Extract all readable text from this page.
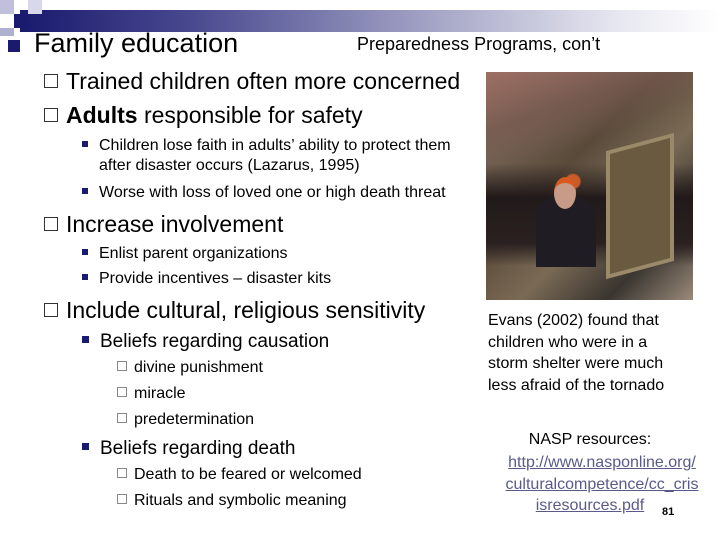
Family education	Preparedness Programs, con’t
Trained children often more concerned
Adults responsible for safety
Children lose faith in adults’ ability to protect them
after disaster occurs (Lazarus, 1995)
Worse with loss of loved one or high death threat
Increase involvement
Enlist parent organizations
Provide incentives – disaster kits
Include cultural, religious sensitivity
Beliefs regarding causation
divine punishment
miracle
predetermination
Beliefs regarding death
Death to be feared or welcomed
Rituals and symbolic meaning
Evans (2002) found that
children who were in a
storm shelter were much
less afraid of the tornado
NASP resources:
http://www.nasponline.org/
culturalcompetence/cc_cris
isresources.pdf	81
